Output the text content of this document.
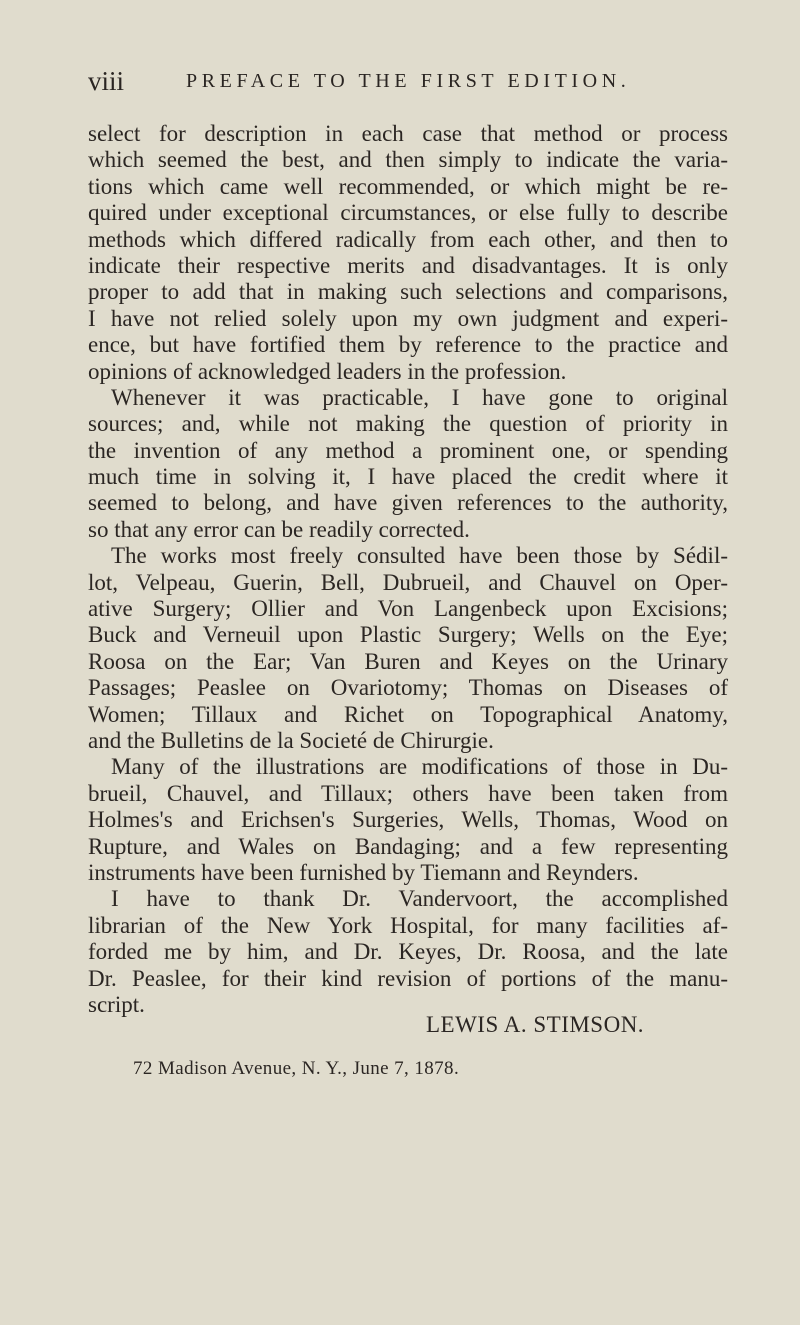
viii	PREFACE TO THE FIRST EDITION.
select for description in each case that method or process
which seemed the best, and then simply to indicate the varia-
tions which came well recommended, or which might be re-
quired under exceptional circumstances, or else fully to describe
methods which differed radically from each other, and then to
indicate their respective merits and disadvantages. It is only
proper to add that in making such selections and comparisons,
I have not relied solely upon my own judgment and experi-
ence, but have fortified them by reference to the practice and
opinions of acknowledged leaders in the profession.
Whenever it was practicable, I have gone to original
sources; and, while not making the question of priority in
the invention of any method a prominent one, or spending
much time in solving it, I have placed the credit where it
seemed to belong, and have given references to the authority,
so that any error can be readily corrected.
The works most freely consulted have been those by Sédil-
lot, Velpeau, Guerin, Bell, Dubrueil, and Chauvel on Oper-
ative Surgery; Ollier and Von Langenbeck upon Excisions;
Buck and Verneuil upon Plastic Surgery; Wells on the Eye;
Roosa on the Ear; Van Buren and Keyes on the Urinary
Passages; Peaslee on Ovariotomy; Thomas on Diseases of
Women; Tillaux and Richet on Topographical Anatomy,
and the Bulletins de la Societé de Chirurgie.
Many of the illustrations are modifications of those in Du-
brueil, Chauvel, and Tillaux; others have been taken from
Holmes's and Erichsen's Surgeries, Wells, Thomas, Wood on
Rupture, and Wales on Bandaging; and a few representing
instruments have been furnished by Tiemann and Reynders.
I have to thank Dr. Vandervoort, the accomplished
librarian of the New York Hospital, for many facilities af-
forded me by him, and Dr. Keyes, Dr. Roosa, and the late
Dr. Peaslee, for their kind revision of portions of the manu-
script.
LEWIS A. STIMSON.
72 Madison Avenue, N. Y., June 7, 1878.
